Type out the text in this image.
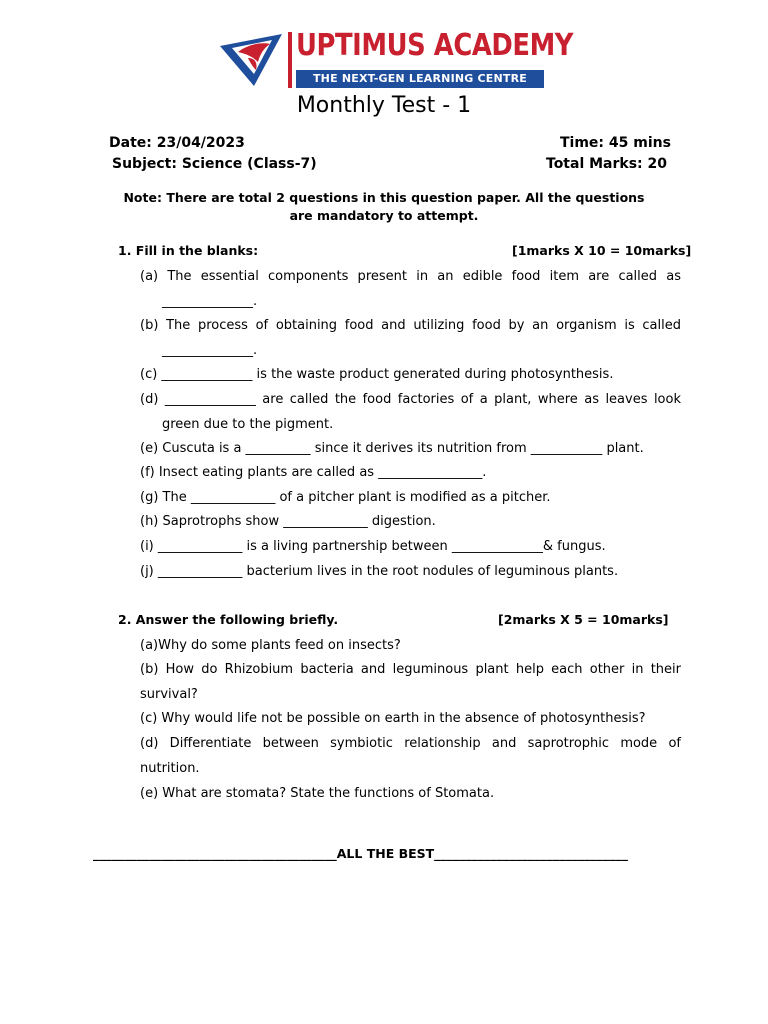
UPTIMUS ACADEMY
THE NEXT-GEN LEARNING CENTRE
Monthly Test - 1
Date: 23/04/2023	Time: 45 mins
Subject: Science (Class-7)	Total Marks: 20
Note: There are total 2 questions in this question paper. All the questions are mandatory to attempt.
1. Fill in the blanks:	[1marks X 10 = 10marks]
(a) The essential components present in an edible food item are called as ______________.
(b) The process of obtaining food and utilizing food by an organism is called ______________.
(c) ______________ is the waste product generated during photosynthesis.
(d) ______________ are called the food factories of a plant, where as leaves look green due to the pigment.
(e) Cuscuta is a __________ since it derives its nutrition from ___________ plant.
(f) Insect eating plants are called as ________________.
(g) The _____________ of a pitcher plant is modified as a pitcher.
(h) Saprotrophs show _____________ digestion.
(i) _____________ is a living partnership between ______________& fungus.
(j) _____________ bacterium lives in the root nodules of leguminous plants.
2. Answer the following briefly.	[2marks X 5 = 10marks]
(a)Why do some plants feed on insects?
(b) How do Rhizobium bacteria and leguminous plant help each other in their survival?
(c) Why would life not be possible on earth in the absence of photosynthesis?
(d) Differentiate between symbiotic relationship and saprotrophic mode of nutrition.
(e) What are stomata? State the functions of Stomata.
_______________________________________ALL THE BEST_______________________________
